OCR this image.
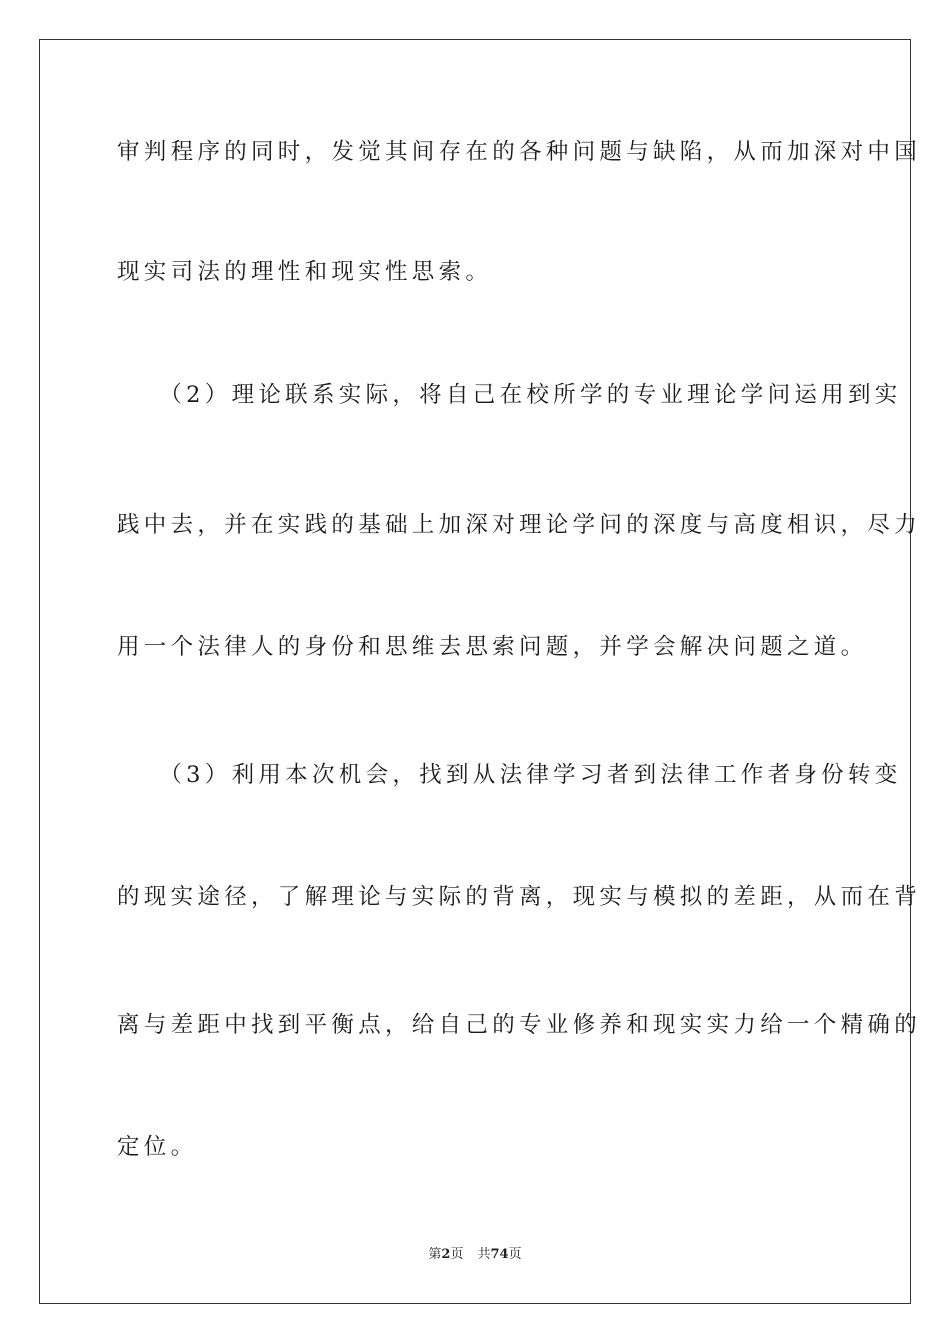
审判程序的同时，发觉其间存在的各种问题与缺陷，从而加深对中国
现实司法的理性和现实性思索。
　　（2）理论联系实际，将自己在校所学的专业理论学问运用到实
践中去，并在实践的基础上加深对理论学问的深度与高度相识，尽力
用一个法律人的身份和思维去思索问题，并学会解决问题之道。
　　（3）利用本次机会，找到从法律学习者到法律工作者身份转变
的现实途径，了解理论与实际的背离，现实与模拟的差距，从而在背
离与差距中找到平衡点，给自己的专业修养和现实实力给一个精确的
定位。
第2页 共74页
